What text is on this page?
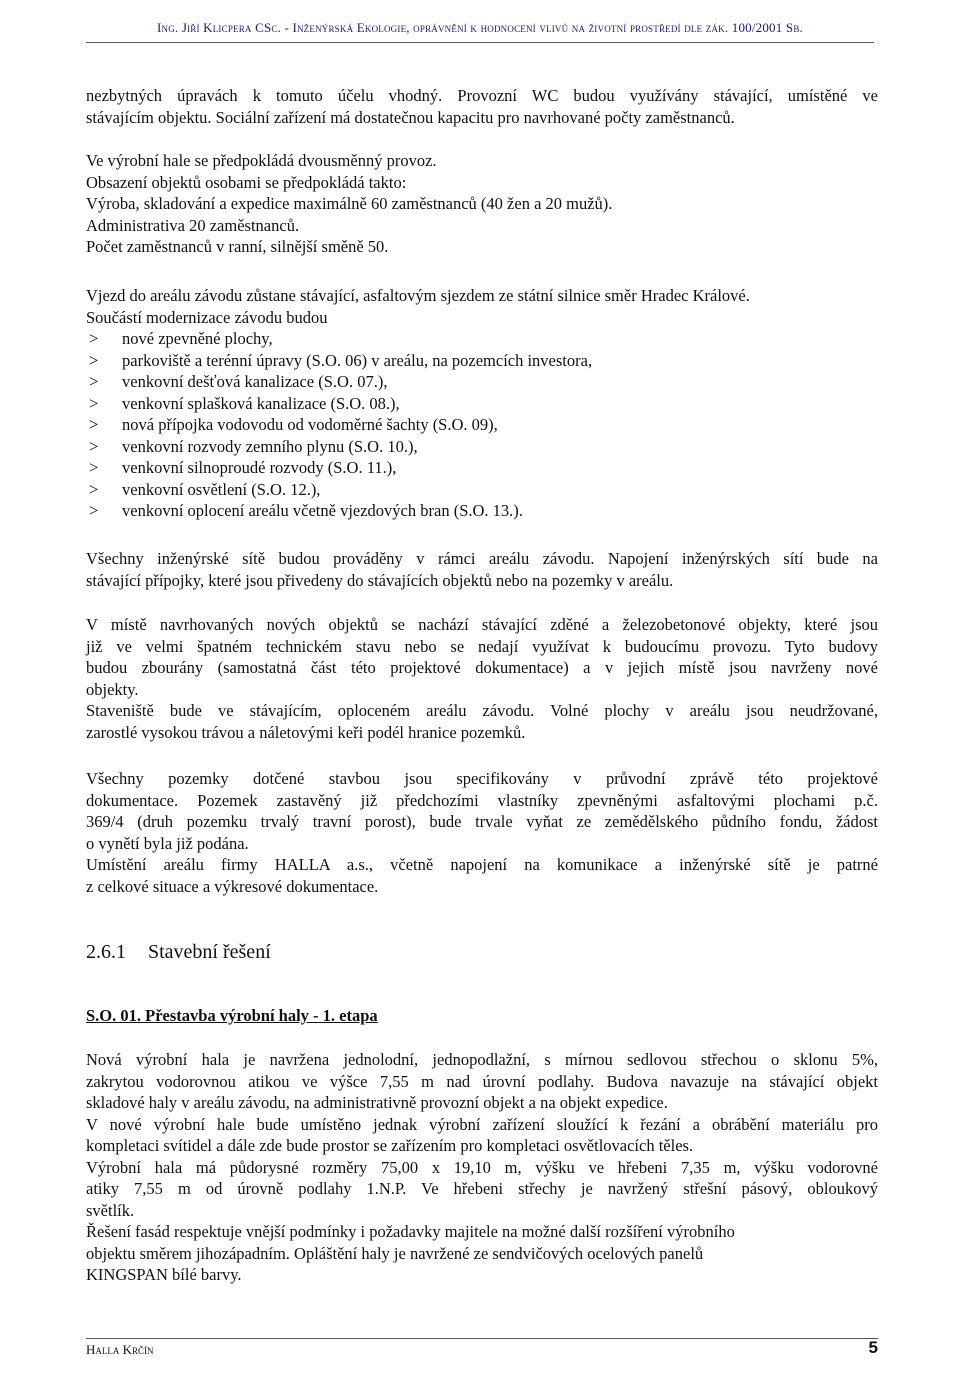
Ing. Jiří Klicpera CSc. - Inženýrská Ekologie, oprávnění k hodnocení vlivů na životní prostředí dle zák. 100/2001 Sb.
nezbytných úpravách k tomuto účelu vhodný. Provozní WC budou využívány stávající, umístěné ve
stávajícím objektu. Sociální zařízení má dostatečnou kapacitu pro navrhované počty zaměstnanců.
Ve výrobní hale se předpokládá dvousměnný provoz.
Obsazení objektů osobami se předpokládá takto:
Výroba, skladování a expedice maximálně 60 zaměstnanců (40 žen a 20 mužů).
Administrativa 20 zaměstnanců.
Počet zaměstnanců v ranní, silnější směně 50.
Vjezd do areálu závodu zůstane stávající, asfaltovým sjezdem ze státní silnice směr Hradec Králové.
Součástí modernizace závodu budou
>	nové zpevněné plochy,
>	parkoviště a terénní úpravy (S.O. 06) v areálu, na pozemcích investora,
>	venkovní dešťová kanalizace (S.O. 07.),
>	venkovní splašková kanalizace (S.O. 08.),
>	nová přípojka vodovodu od vodoměrné šachty (S.O. 09),
>	venkovní rozvody zemního plynu (S.O. 10.),
>	venkovní silnoproudé rozvody (S.O. 11.),
>	venkovní osvětlení (S.O. 12.),
>	venkovní oplocení areálu včetně vjezdových bran (S.O. 13.).
Všechny inženýrské sítě budou prováděny v rámci areálu závodu. Napojení inženýrských sítí bude na
stávající přípojky, které jsou přivedeny do stávajících objektů nebo na pozemky v areálu.
V místě navrhovaných nových objektů se nachází stávající zděné a železobetonové objekty, které jsou
již ve velmi špatném technickém stavu nebo se nedají využívat k budoucímu provozu. Tyto budovy
budou zbourány (samostatná část této projektové dokumentace) a v jejich místě jsou navrženy nové
objekty.
Staveniště bude ve stávajícím, oploceném areálu závodu. Volné plochy v areálu jsou neudržované,
zarostlé vysokou trávou a náletovými keři podél hranice pozemků.
Všechny pozemky dotčené stavbou jsou specifikovány v průvodní zprávě této projektové
dokumentace. Pozemek zastavěný již předchozími vlastníky zpevněnými asfaltovými plochami p.č.
369/4 (druh pozemku trvalý travní porost), bude trvale vyňat ze zemědělského půdního fondu, žádost
o vynětí byla již podána.
Umístění areálu firmy HALLA a.s., včetně napojení na komunikace a inženýrské sítě je patrné
z celkové situace a výkresové dokumentace.
2.6.1 Stavební řešení
S.O. 01. Přestavba výrobní haly - 1. etapa
Nová výrobní hala je navržena jednolodní, jednopodlažní, s mírnou sedlovou střechou o sklonu 5%,
zakrytou vodorovnou atikou ve výšce 7,55 m nad úrovní podlahy. Budova navazuje na stávající objekt
skladové haly v areálu závodu, na administrativně provozní objekt a na objekt expedice.
V nové výrobní hale bude umístěno jednak výrobní zařízení sloužící k řezání a obrábění materiálu pro
kompletaci svítidel a dále zde bude prostor se zařízením pro kompletaci osvětlovacích těles.
Výrobní hala má půdorysné rozměry 75,00 x 19,10 m, výšku ve hřebeni 7,35 m, výšku vodorovné
atiky 7,55 m od úrovně podlahy 1.N.P. Ve hřebeni střechy je navržený střešní pásový, obloukový
světlík.
Řešení fasád respektuje vnější podmínky i požadavky majitele na možné další rozšíření výrobního
objektu směrem jihozápadním. Opláštění haly je navržené ze sendvičových ocelových panelů
KINGSPAN bílé barvy.
Halla Krčín	5
